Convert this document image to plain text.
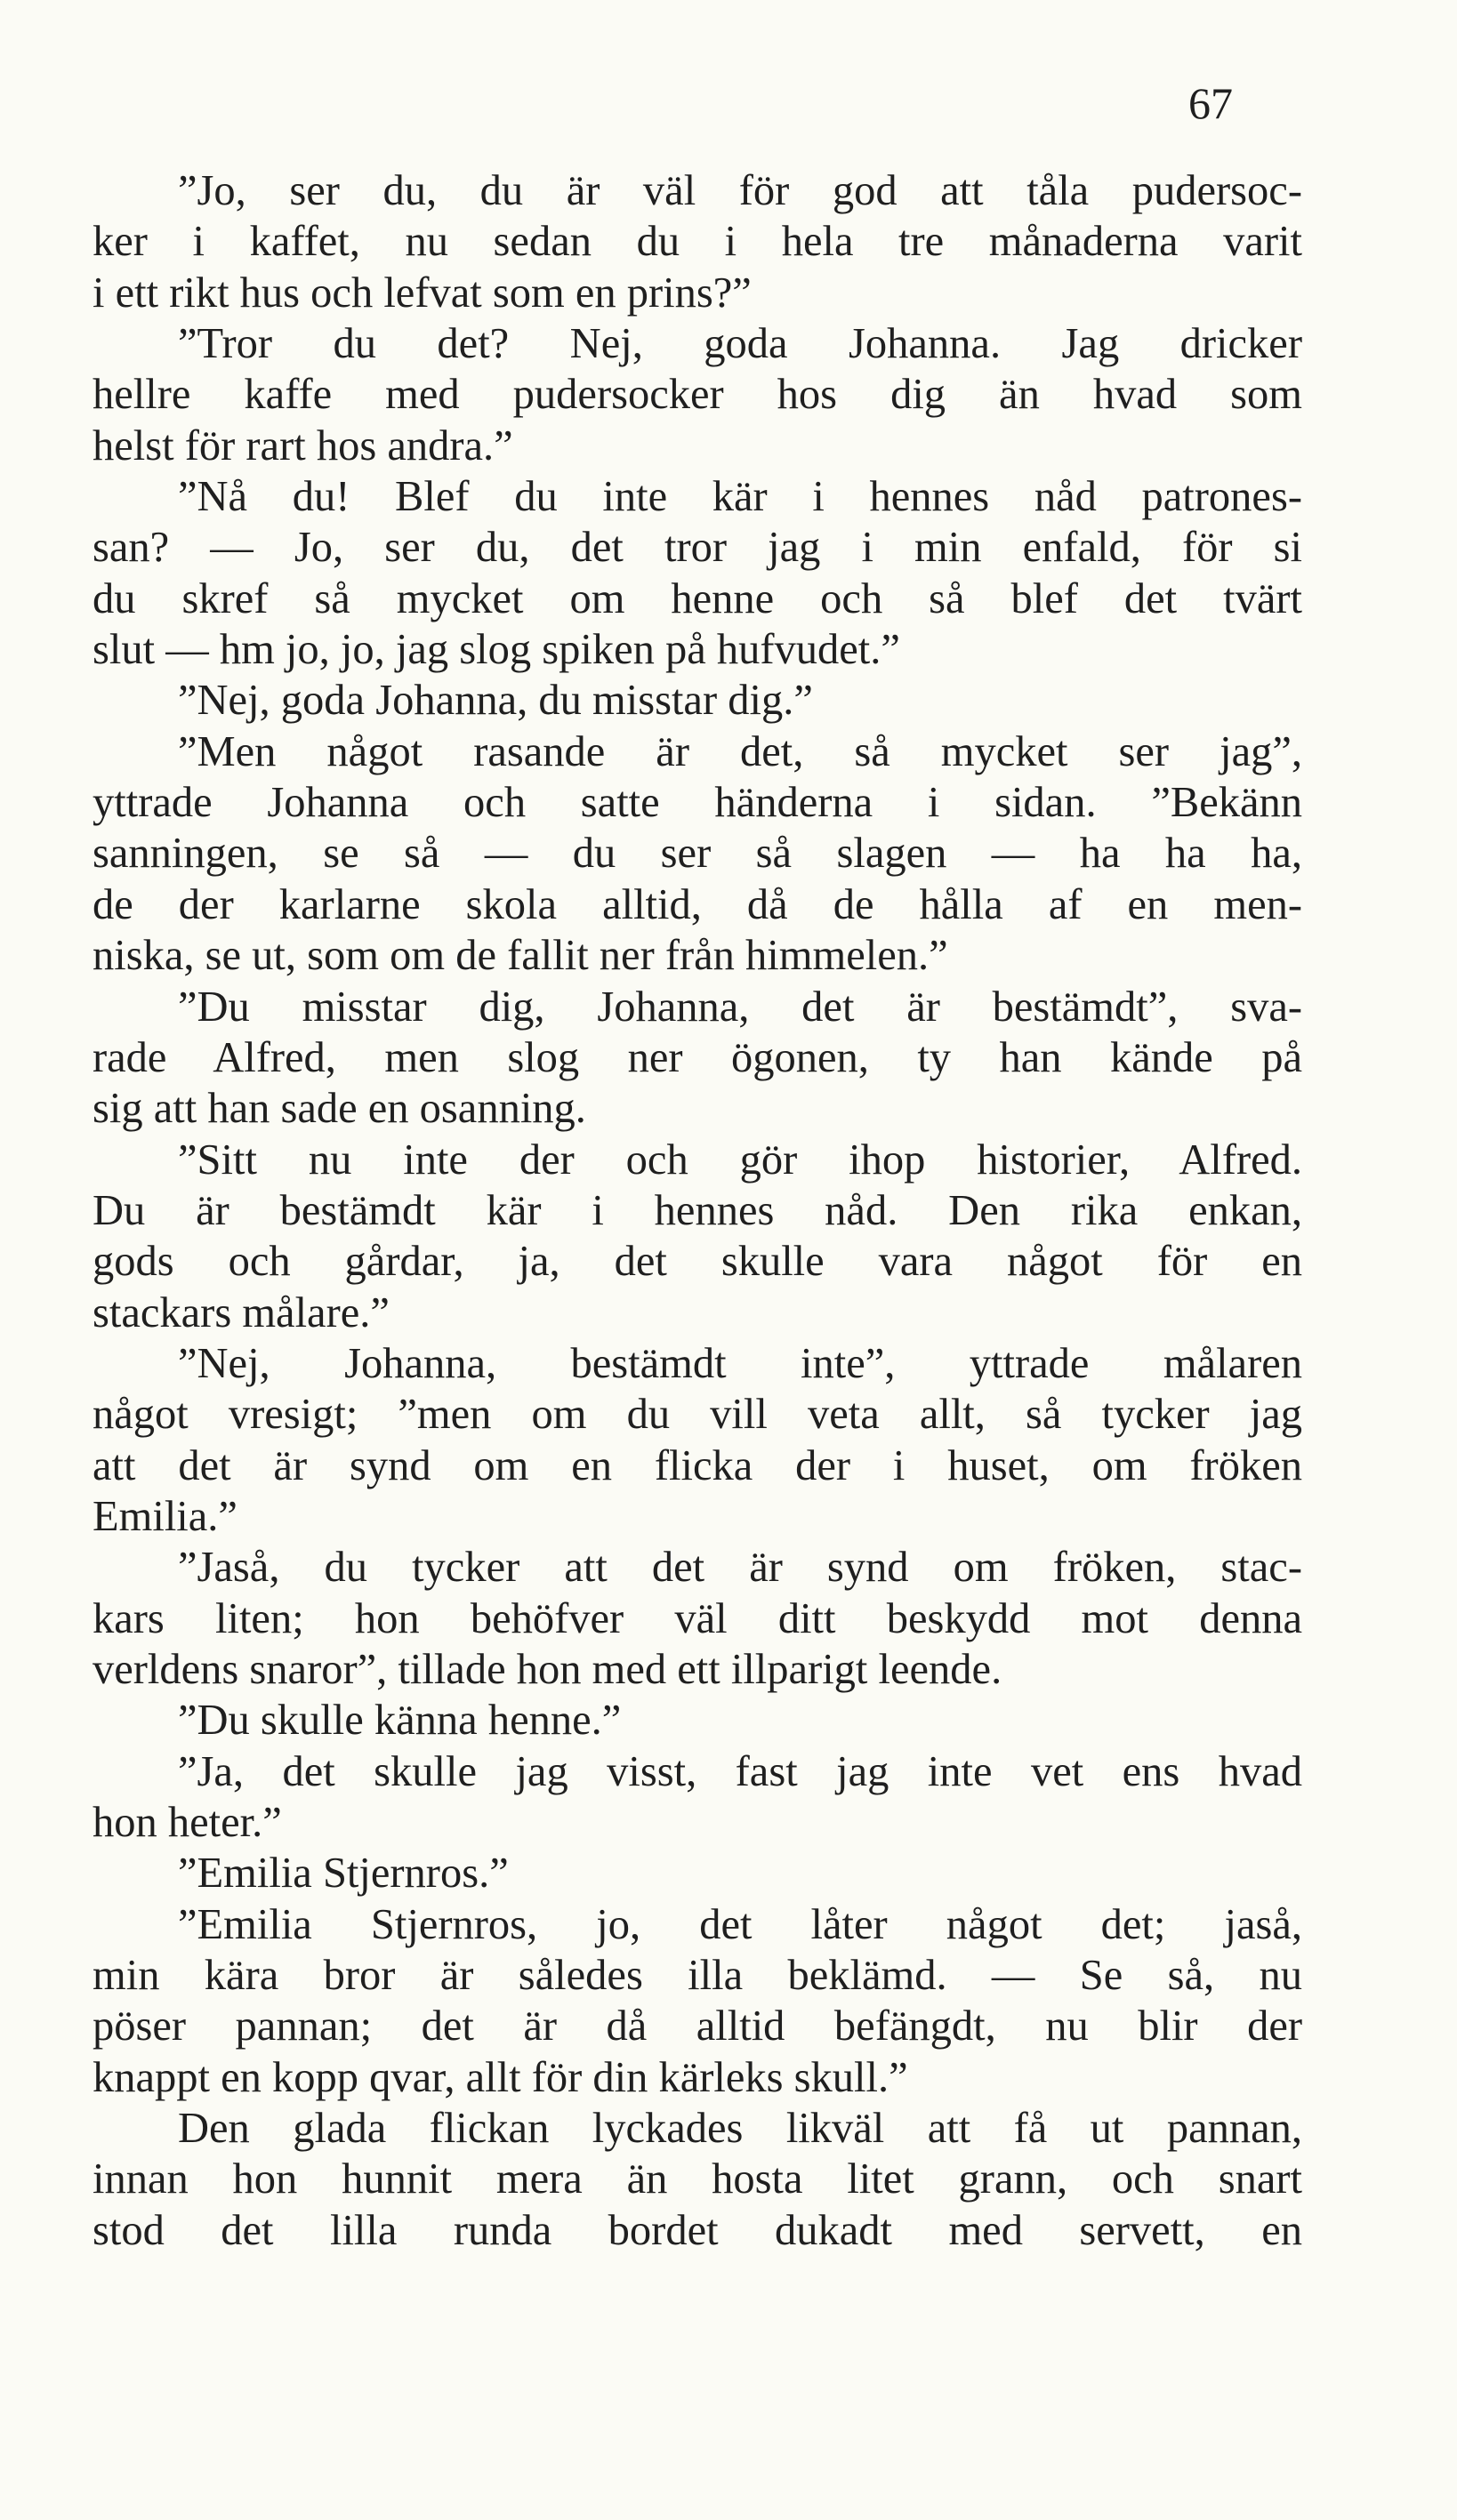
67
”Jo, ser du, du är väl för god att tåla pudersoc-
ker i kaffet, nu sedan du i hela tre månaderna varit
i ett rikt hus och lefvat som en prins?”
”Tror du det? Nej, goda Johanna. Jag dricker
hellre kaffe med pudersocker hos dig än hvad som
helst för rart hos andra.”
”Nå du! Blef du inte kär i hennes nåd patrones-
san? — Jo, ser du, det tror jag i min enfald, för si
du skref så mycket om henne och så blef det tvärt
slut — hm jo, jo, jag slog spiken på hufvudet.”
”Nej, goda Johanna, du misstar dig.”
”Men något rasande är det, så mycket ser jag”,
yttrade Johanna och satte händerna i sidan. ”Bekänn
sanningen, se så — du ser så slagen — ha ha ha,
de der karlarne skola alltid, då de hålla af en men-
niska, se ut, som om de fallit ner från himmelen.”
”Du misstar dig, Johanna, det är bestämdt”, sva-
rade Alfred, men slog ner ögonen, ty han kände på
sig att han sade en osanning.
”Sitt nu inte der och gör ihop historier, Alfred.
Du är bestämdt kär i hennes nåd. Den rika enkan,
gods och gårdar, ja, det skulle vara något för en
stackars målare.”
”Nej, Johanna, bestämdt inte”, yttrade målaren
något vresigt; ”men om du vill veta allt, så tycker jag
att det är synd om en flicka der i huset, om fröken
Emilia.”
”Jaså, du tycker att det är synd om fröken, stac-
kars liten; hon behöfver väl ditt beskydd mot denna
verldens snaror”, tillade hon med ett illparigt leende.
”Du skulle känna henne.”
”Ja, det skulle jag visst, fast jag inte vet ens hvad
hon heter.”
”Emilia Stjernros.”
”Emilia Stjernros, jo, det låter något det; jaså,
min kära bror är således illa beklämd. — Se så, nu
pöser pannan; det är då alltid befängdt, nu blir der
knappt en kopp qvar, allt för din kärleks skull.”
Den glada flickan lyckades likväl att få ut pannan,
innan hon hunnit mera än hosta litet grann, och snart
stod det lilla runda bordet dukadt med servett, en
